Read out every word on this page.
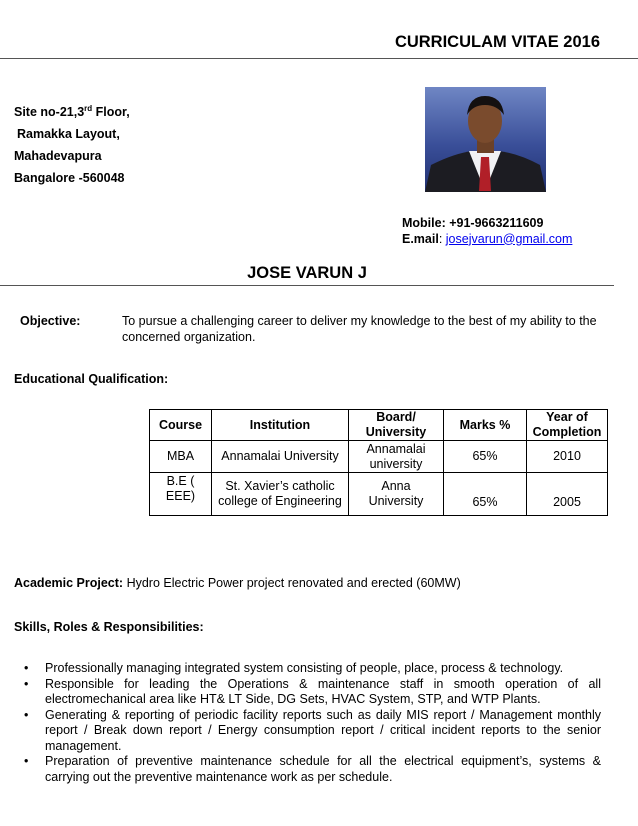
CURRICULAM VITAE 2016
Site no-21,3rd Floor,
Ramakka Layout,
Mahadevapura
Bangalore -560048
Mobile: +91-9663211609
E.mail: josejvarun@gmail.com
JOSE VARUN J
Objective:	To pursue a challenging career to deliver my knowledge to the best of my ability to the concerned organization.
Educational Qualification:
Course	Institution	Board/ University	Marks %	Year of Completion
MBA	Annamalai University	Annamalai university	65%	2010
B.E ( EEE)	St. Xavier’s catholic college of Engineering	Anna University	65%	2005
Academic Project: Hydro Electric Power project renovated and erected (60MW)
Skills, Roles & Responsibilities:
• Professionally managing integrated system consisting of people, place, process & technology.
• Responsible for leading the Operations & maintenance staff in smooth operation of all electromechanical area like HT& LT Side, DG Sets, HVAC System, STP, and WTP Plants.
• Generating & reporting of periodic facility reports such as daily MIS report / Management monthly report / Break down report / Energy consumption report / critical incident reports to the senior management.
• Preparation of preventive maintenance schedule for all the electrical equipment’s, systems & carrying out the preventive maintenance work as per schedule.
